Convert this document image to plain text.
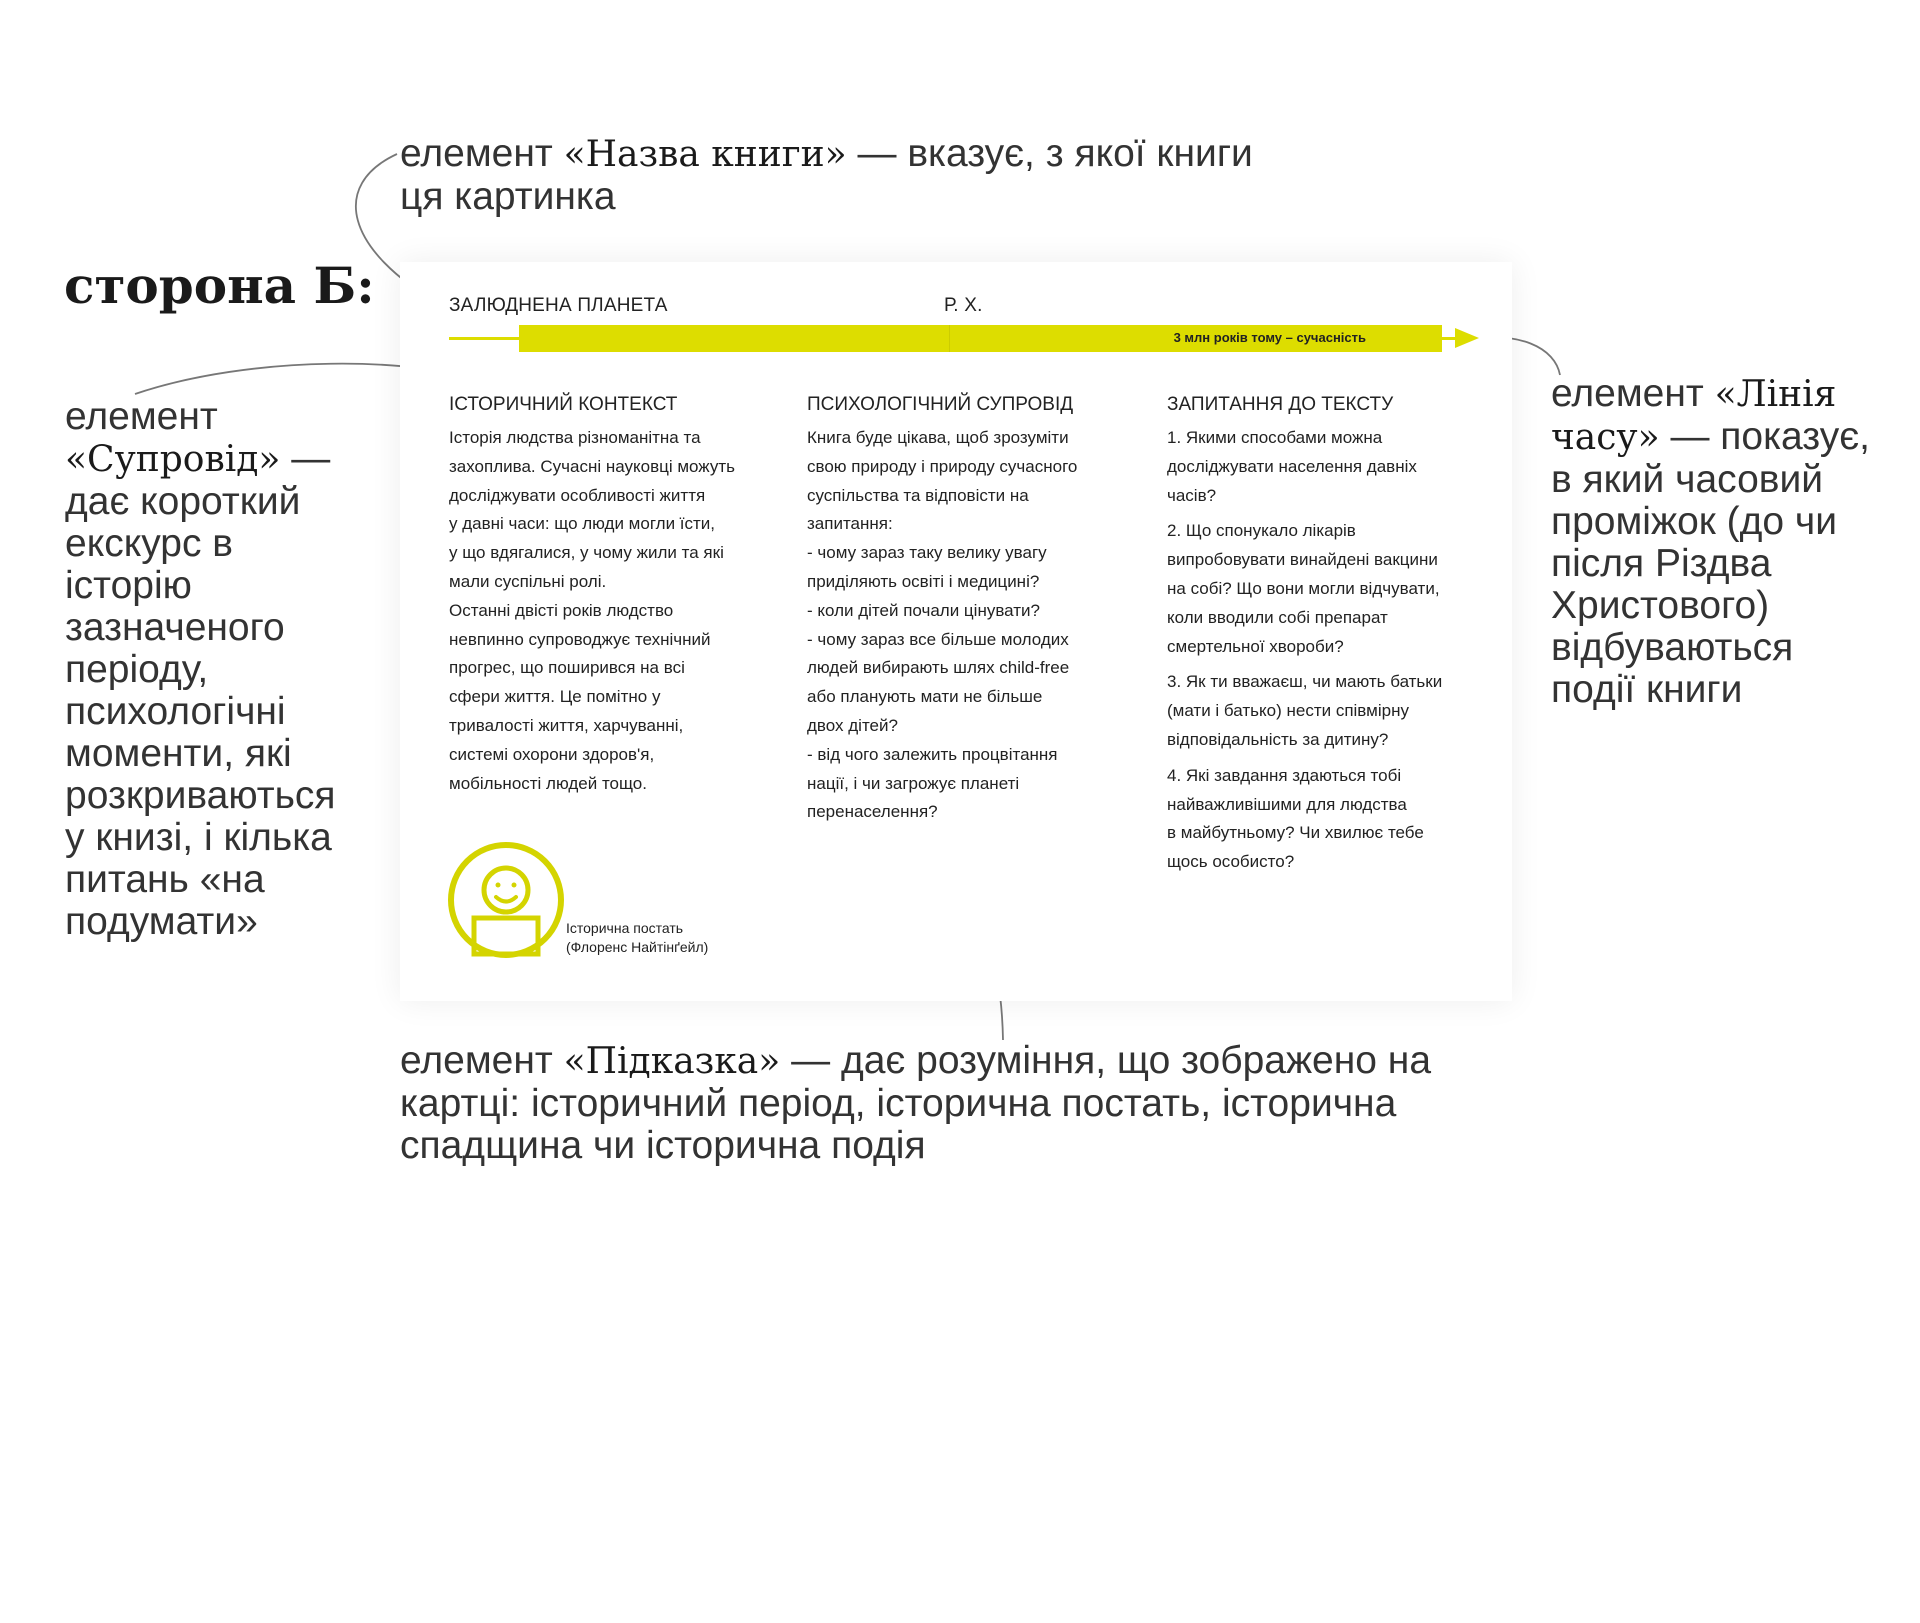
сторона Б:
елемент «Назва книги» — вказує, з якої книги ця картинка
елемент «Супровід» — дає короткий екскурс в історію зазначеного періоду, психологічні моменти, які розкриваються у книзі, і кілька питань «на подумати»
елемент «Лінія часу» — показує, в який часовий проміжок (до чи після Різдва Христового) відбуваються події книги
елемент «Підказка» — дає розуміння, що зображено на картці: історичний період, історична постать, історична спадщина чи історична подія
ЗАЛЮДНЕНА ПЛАНЕТА	Р. Х.
3 млн років тому – сучасність
ІСТОРИЧНИЙ КОНТЕКСТ

Історія людства різноманітна та
захоплива. Сучасні науковці можуть
досліджувати особливості життя
у давні часи: що люди могли їсти,
у що вдягалися, у чому жили та які
мали суспільні ролі.
Останні двісті років людство
невпинно супроводжує технічний
прогрес, що поширився на всі
сфери життя. Це помітно у
тривалості життя, харчуванні,
системі охорони здоров'я,
мобільності людей тощо.

ПСИХОЛОГІЧНИЙ СУПРОВІД

Книга буде цікава, щоб зрозуміти
свою природу і природу сучасного
суспільства та відповісти на
запитання:
- чому зараз таку велику увагу
приділяють освіті і медицині?
- коли дітей почали цінувати?
- чому зараз все більше молодих
людей вибирають шлях child-free
або планують мати не більше
двох дітей?
- від чого залежить процвітання
нації, і чи загрожує планеті
перенаселення?

ЗАПИТАННЯ ДО ТЕКСТУ

1. Якими способами можна
досліджувати населення давніх
часів?

2. Що спонукало лікарів
випробовувати винайдені вакцини
на собі? Що вони могли відчувати,
коли вводили собі препарат
смертельної хвороби?

3. Як ти вважаєш, чи мають батьки
(мати і батько) нести співмірну
відповідальність за дитину?

4. Які завдання здаються тобі
найважливішими для людства
в майбутньому? Чи хвилює тебе
щось особисто?

Історична постать
(Флоренс Найтінґейл)
